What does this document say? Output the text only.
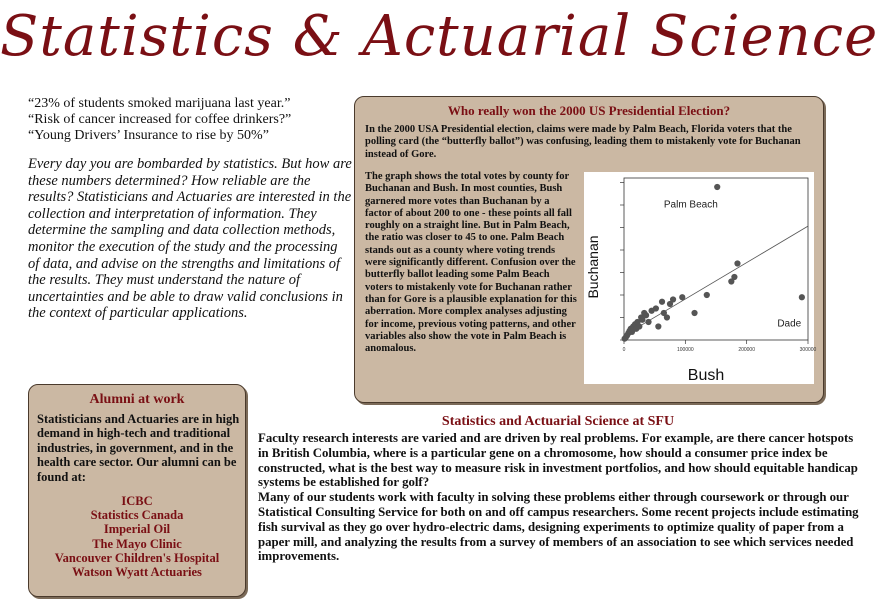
Statistics & Actuarial Science
“23% of students smoked marijuana last year.”
“Risk of cancer increased for coffee drinkers?”
“Young Drivers’ Insurance to rise by 50%”
Every day you are bombarded by statistics. But how are these numbers determined? How reliable are the results? Statisticians and Actuaries are interested in the collection and interpretation of information. They determine the sampling and data collection methods, monitor the execution of the study and the processing of data, and advise on the strengths and limitations of the results. They must understand the nature of uncertainties and be able to draw valid conclusions in the context of particular applications.
Who really won the 2000 US Presidential Election?
In the 2000 USA Presidential election, claims were made by Palm Beach, Florida voters that the polling card (the “butterfly ballot”) was confusing, leading them to mistakenly vote for Buchanan instead of Gore.
The graph shows the total votes by county for Buchanan and Bush. In most counties, Bush garnered more votes than Buchanan by a factor of about 200 to one - these points all fall roughly on a straight line. But in Palm Beach, the ratio was closer to 45 to one. Palm Beach stands out as a county where voting trends were significantly different. Confusion over the butterfly ballot leading some Palm Beach voters to mistakenly vote for Buchanan rather than for Gore is a plausible explanation for this aberration. More complex analyses adjusting for income, previous voting patterns, and other variables also show the vote in Palm Beach is anomalous.	0	100000	200000	300000
Palm Beach
Dade
Bush
Buchanan
Alumni at work
Statisticians and Actuaries are in high demand in high-tech and traditional industries, in government, and in the health care sector. Our alumni can be found at:
ICBC
Statistics Canada
Imperial Oil
The Mayo Clinic
Vancouver Children's Hospital
Watson Wyatt Actuaries
Statistics and Actuarial Science at SFU

Faculty research interests are varied and are driven by real problems. For example, are there cancer hotspots in British Columbia, where is a particular gene on a chromosome, how should a consumer price index be constructed, what is the best way to measure risk in investment portfolios, and how should equitable handicap systems be established for golf?

Many of our students work with faculty in solving these problems either through coursework or through our Statistical Consulting Service for both on and off campus researchers. Some recent projects include estimating fish survival as they go over hydro-electric dams, designing experiments to optimize quality of paper from a paper mill, and analyzing the results from a survey of members of an association to see which services needed improvements.
